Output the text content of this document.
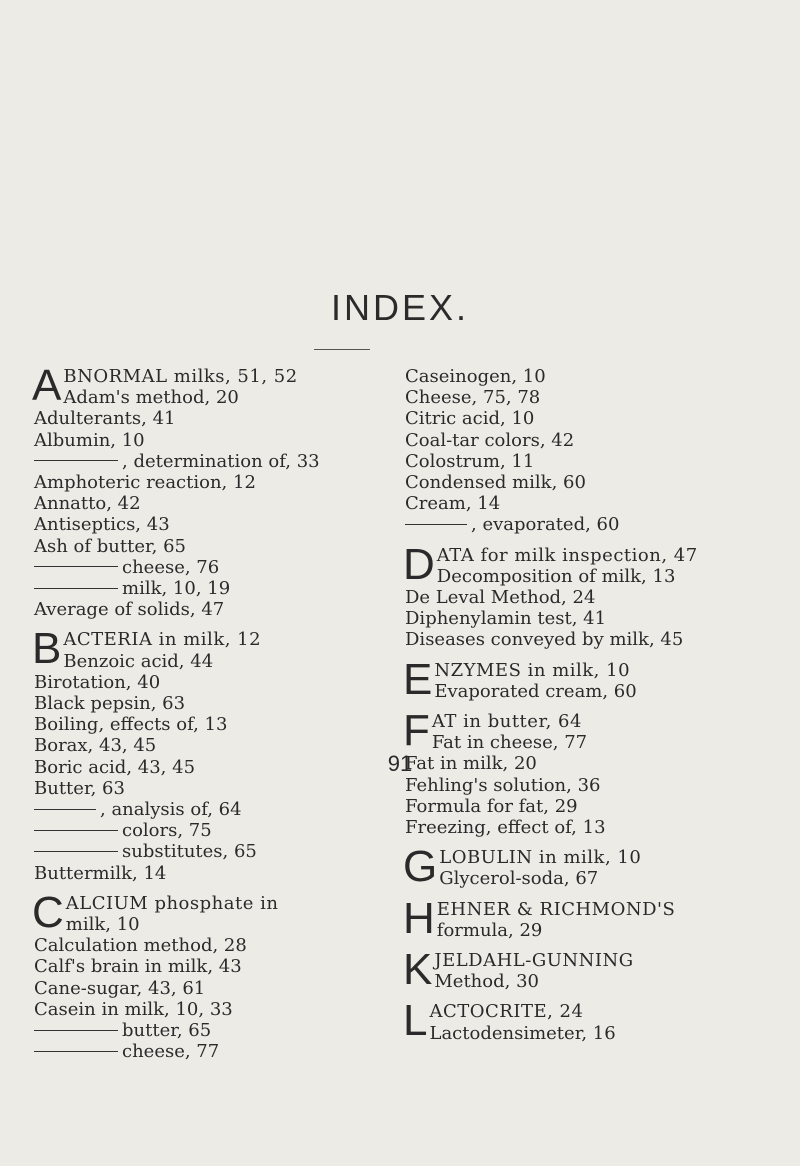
INDEX.
A BNORMAL milks, 51, 52
Adam's method, 20
Adulterants, 41
Albumin, 10
, determination of, 33
Amphoteric reaction, 12
Annatto, 42
Antiseptics, 43
Ash of butter, 65
cheese, 76
milk, 10, 19
Average of solids, 47
B ACTERIA in milk, 12
Benzoic acid, 44
Birotation, 40
Black pepsin, 63
Boiling, effects of, 13
Borax, 43, 45
Boric acid, 43, 45
Butter, 63
, analysis of, 64
colors, 75
substitutes, 65
Buttermilk, 14
C ALCIUM phosphate in
milk, 10
Calculation method, 28
Calf's brain in milk, 43
Cane-sugar, 43, 61
Casein in milk, 10, 33
butter, 65
cheese, 77
Caseinogen, 10
Cheese, 75, 78
Citric acid, 10
Coal-tar colors, 42
Colostrum, 11
Condensed milk, 60
Cream, 14
, evaporated, 60
D ATA for milk inspection, 47
Decomposition of milk, 13
De Leval Method, 24
Diphenylamin test, 41
Diseases conveyed by milk, 45
E NZYMES in milk, 10
Evaporated cream, 60
F AT in butter, 64
Fat in cheese, 77
Fat in milk, 20
Fehling's solution, 36
Formula for fat, 29
Freezing, effect of, 13
G LOBULIN in milk, 10
Glycerol-soda, 67
H EHNER & RICHMOND'S
formula, 29
K JELDAHL-GUNNING
Method, 30
L ACTOCRITE, 24
Lactodensimeter, 16
91
